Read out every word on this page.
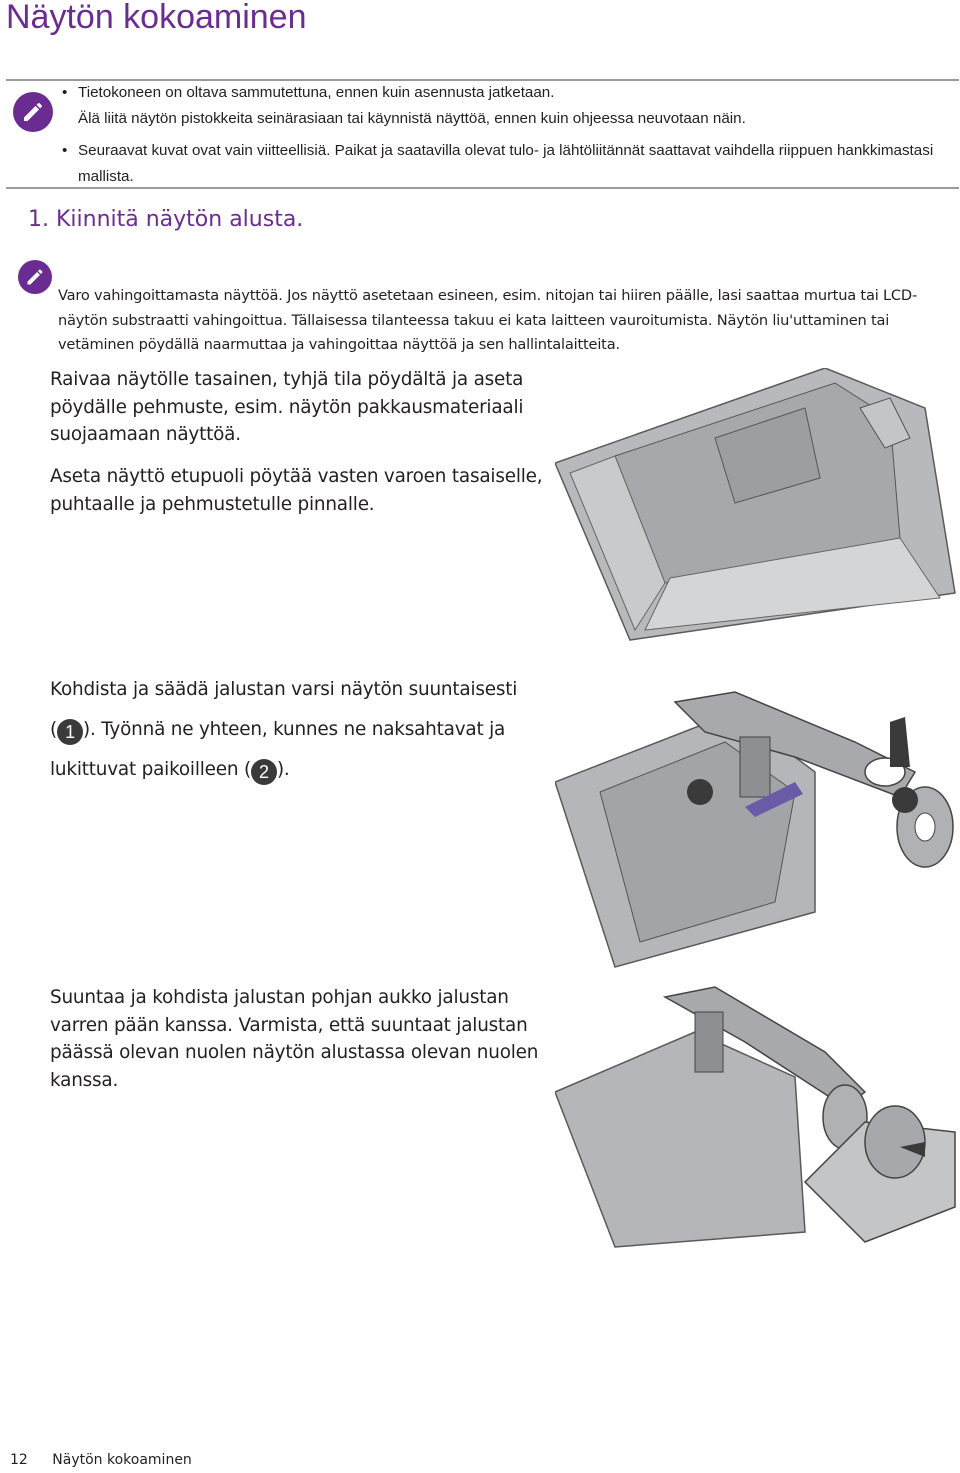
Näytön kokoaminen
• Tietokoneen on oltava sammutettuna, ennen kuin asennusta jatketaan.
Älä liitä näytön pistokkeita seinärasiaan tai käynnistä näyttöä, ennen kuin ohjeessa neuvotaan näin.
• Seuraavat kuvat ovat vain viitteellisiä. Paikat ja saatavilla olevat tulo- ja lähtöliitännät saattavat vaihdella riippuen hankkimastasi mallista.
1. Kiinnitä näytön alusta.
Varo vahingoittamasta näyttöä. Jos näyttö asetetaan esineen, esim. nitojan tai hiiren päälle, lasi saattaa murtua tai LCD-näytön substraatti vahingoittua. Tällaisessa tilanteessa takuu ei kata laitteen vauroitumista. Näytön liu'uttaminen tai vetäminen pöydällä naarmuttaa ja vahingoittaa näyttöä ja sen hallintalaitteita.
Raivaa näytölle tasainen, tyhjä tila pöydältä ja aseta pöydälle pehmuste, esim. näytön pakkausmateriaali suojaamaan näyttöä.
Aseta näyttö etupuoli pöytää vasten varoen tasaiselle, puhtaalle ja pehmustetulle pinnalle.
Kohdista ja säädä jalustan varsi näytön suuntaisesti
( 1 ). Työnnä ne yhteen, kunnes ne naksahtavat ja
lukittuvat paikoilleen ( 2 ).
Suuntaa ja kohdista jalustan pohjan aukko jalustan varren pään kanssa. Varmista, että suuntaat jalustan päässä olevan nuolen näytön alustassa olevan nuolen kanssa.
12 Näytön kokoaminen
